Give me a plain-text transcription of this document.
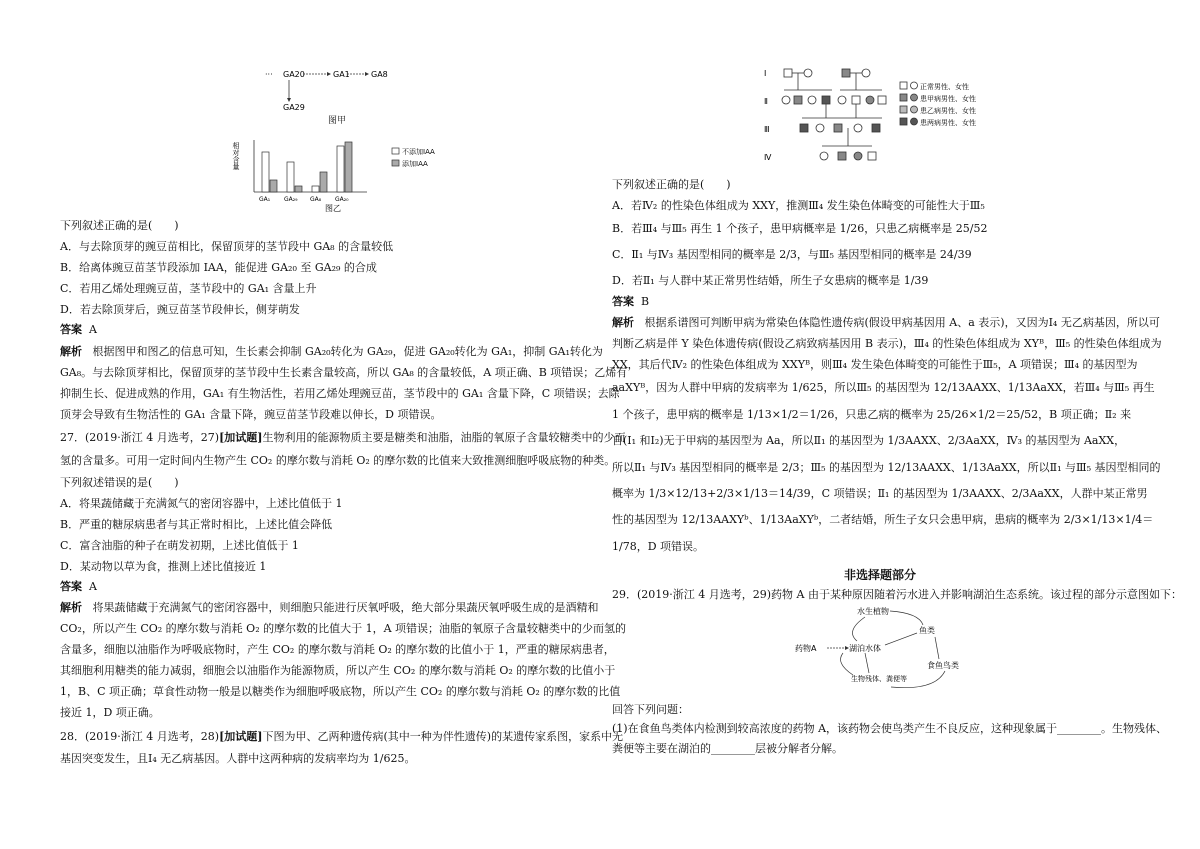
··· GA20	GA1	GA8
GA29
图甲
相对含量
GA₁ GA₂₉ GA₈ GA₂₀
不添加IAA
添加IAA
图乙
下列叙述正确的是(　　)
A．与去除顶芽的豌豆苗相比，保留顶芽的茎节段中 GA₈ 的含量较低
B．给离体豌豆苗茎节段添加 IAA，能促进 GA₂₀ 至 GA₂₉ 的合成
C．若用乙烯处理豌豆苗，茎节段中的 GA₁ 含量上升
D．若去除顶芽后，豌豆苗茎节段伸长，侧芽萌发
答案 A
解析 根据图甲和图乙的信息可知，生长素会抑制 GA₂₀转化为 GA₂₉，促进 GA₂₀转化为 GA₁，抑制 GA₁转化为
GA₈。与去除顶芽相比，保留顶芽的茎节段中生长素含量较高，所以 GA₈ 的含量较低，A 项正确、B 项错误；乙烯有
抑制生长、促进成熟的作用，GA₁ 有生物活性，若用乙烯处理豌豆苗，茎节段中的 GA₁ 含量下降，C 项错误；去除
顶芽会导致有生物活性的 GA₁ 含量下降，豌豆苗茎节段难以伸长，D 项错误。
27．(2019·浙江 4 月选考，27)[加试题]生物利用的能源物质主要是糖类和油脂，油脂的氧原子含量较糖类中的少而
氢的含量多。可用一定时间内生物产生 CO₂ 的摩尔数与消耗 O₂ 的摩尔数的比值来大致推测细胞呼吸底物的种类。
下列叙述错误的是(　　)
A．将果蔬储藏于充满氮气的密闭容器中，上述比值低于 1
B．严重的糖尿病患者与其正常时相比，上述比值会降低
C．富含油脂的种子在萌发初期，上述比值低于 1
D．某动物以草为食，推测上述比值接近 1
答案 A
解析 将果蔬储藏于充满氮气的密闭容器中，则细胞只能进行厌氧呼吸，绝大部分果蔬厌氧呼吸生成的是酒精和
CO₂，所以产生 CO₂ 的摩尔数与消耗 O₂ 的摩尔数的比值大于 1，A 项错误；油脂的氧原子含量较糖类中的少而氢的
含量多，细胞以油脂作为呼吸底物时，产生 CO₂ 的摩尔数与消耗 O₂ 的摩尔数的比值小于 1，严重的糖尿病患者，
其细胞利用糖类的能力减弱，细胞会以油脂作为能源物质，所以产生 CO₂ 的摩尔数与消耗 O₂ 的摩尔数的比值小于
1，B、C 项正确；草食性动物一般是以糖类作为细胞呼吸底物，所以产生 CO₂ 的摩尔数与消耗 O₂ 的摩尔数的比值
接近 1，D 项正确。
28．(2019·浙江 4 月选考，28)[加试题]下图为甲、乙两种遗传病(其中一种为伴性遗传)的某遗传家系图，家系中无
基因突变发生，且Ⅰ₄ 无乙病基因。人群中这两种病的发病率均为 1/625。
Ⅰ
Ⅱ
Ⅲ
Ⅳ
正常男性、女性
患甲病男性、女性
患乙病男性、女性
患两病男性、女性
下列叙述正确的是(　　)
A．若Ⅳ₂ 的性染色体组成为 XXY，推测Ⅲ₄ 发生染色体畸变的可能性大于Ⅲ₅
B．若Ⅲ₄ 与Ⅲ₅ 再生 1 个孩子，患甲病概率是 1/26，只患乙病概率是 25/52
C．Ⅱ₁ 与Ⅳ₃ 基因型相同的概率是 2/3，与Ⅲ₅ 基因型相同的概率是 24/39
D．若Ⅱ₁ 与人群中某正常男性结婚，所生子女患病的概率是 1/39
答案 B
解析 根据系谱图可判断甲病为常染色体隐性遗传病(假设甲病基因用 A、a 表示)，又因为Ⅰ₄ 无乙病基因，所以可
判断乙病是伴 Y 染色体遗传病(假设乙病致病基因用 B 表示)，Ⅲ₄ 的性染色体组成为 XYᴮ，Ⅲ₅ 的性染色体组成为
XX，其后代Ⅳ₂ 的性染色体组成为 XXYᴮ，则Ⅲ₄ 发生染色体畸变的可能性于Ⅲ₅，A 项错误；Ⅲ₄ 的基因型为
aaXYᴮ，因为人群中甲病的发病率为 1/625，所以Ⅲ₅ 的基因型为 12/13AAXX、1/13AaXX，若Ⅲ₄ 与Ⅲ₅ 再生
1 个孩子，患甲病的概率是 1/13×1/2＝1/26，只患乙病的概率为 25/26×1/2＝25/52，B 项正确；Ⅱ₂ 来
自(Ⅰ₁ 和Ⅰ₂)无于甲病的基因型为 Aa，所以Ⅱ₁ 的基因型为 1/3AAXX、2/3AaXX，Ⅳ₃ 的基因型为 AaXX，
所以Ⅱ₁ 与Ⅳ₃ 基因型相同的概率是 2/3；Ⅲ₅ 的基因型为 12/13AAXX、1/13AaXX，所以Ⅱ₁ 与Ⅲ₅ 基因型相同的
概率为 1/3×12/13+2/3×1/13＝14/39，C 项错误；Ⅱ₁ 的基因型为 1/3AAXX、2/3AaXX，人群中某正常男
性的基因型为 12/13AAXYᵇ、1/13AaXYᵇ，二者结婚，所生子女只会患甲病，患病的概率为 2/3×1/13×1/4＝
1/78，D 项错误。
非选择题部分
29．(2019·浙江 4 月选考，29)药物 A 由于某种原因随着污水进入并影响湖泊生态系统。该过程的部分示意图如下：
水生植物
鱼类
药物A	湖泊水体
食鱼鸟类
生物残体、粪便等
回答下列问题：
(1)在食鱼鸟类体内检测到较高浓度的药物 A，该药物会使鸟类产生不良反应，这种现象属于________。生物残体、
粪便等主要在湖泊的________层被分解者分解。
